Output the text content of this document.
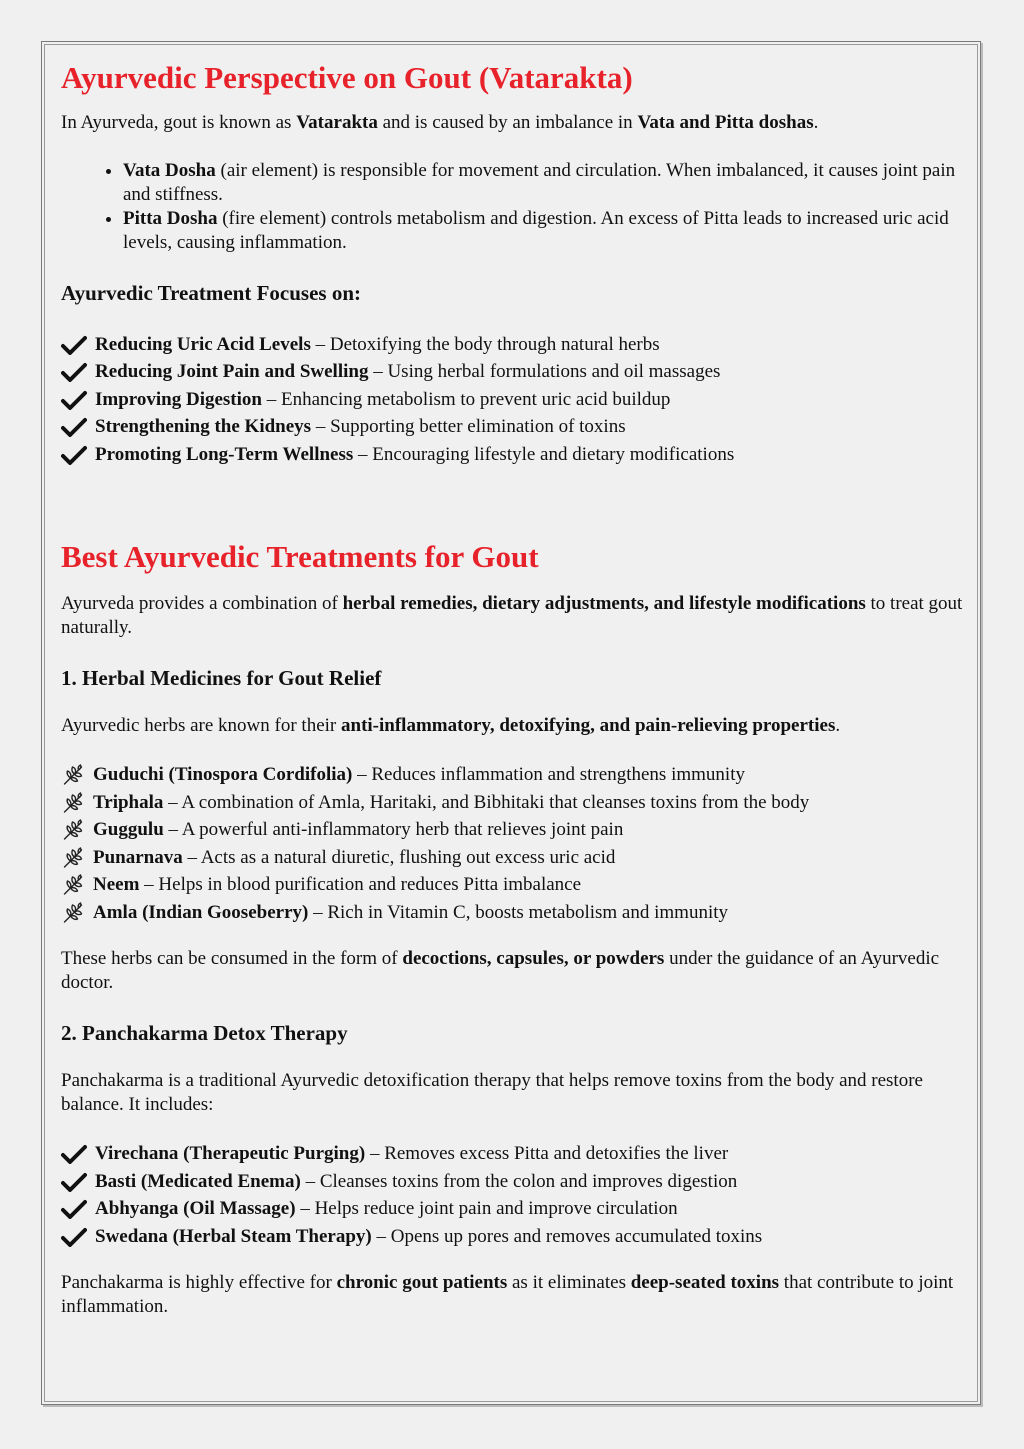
Ayurvedic Perspective on Gout (Vatarakta)

In Ayurveda, gout is known as Vatarakta and is caused by an imbalance in Vata and Pitta doshas.

• Vata Dosha (air element) is responsible for movement and circulation. When imbalanced, it causes joint pain and stiffness.
• Pitta Dosha (fire element) controls metabolism and digestion. An excess of Pitta leads to increased uric acid levels, causing inflammation.
Ayurvedic Treatment Focuses on:
Reducing Uric Acid Levels – Detoxifying the body through natural herbs
Reducing Joint Pain and Swelling – Using herbal formulations and oil massages
Improving Digestion – Enhancing metabolism to prevent uric acid buildup
Strengthening the Kidneys – Supporting better elimination of toxins
Promoting Long-Term Wellness – Encouraging lifestyle and dietary modifications
Best Ayurvedic Treatments for Gout

Ayurveda provides a combination of herbal remedies, dietary adjustments, and lifestyle modifications to treat gout naturally.

1. Herbal Medicines for Gout Relief

Ayurvedic herbs are known for their anti-inflammatory, detoxifying, and pain-relieving properties.

Guduchi (Tinospora Cordifolia) – Reduces inflammation and strengthens immunity
Triphala – A combination of Amla, Haritaki, and Bibhitaki that cleanses toxins from the body
Guggulu – A powerful anti-inflammatory herb that relieves joint pain
Punarnava – Acts as a natural diuretic, flushing out excess uric acid
Neem – Helps in blood purification and reduces Pitta imbalance
Amla (Indian Gooseberry) – Rich in Vitamin C, boosts metabolism and immunity

These herbs can be consumed in the form of decoctions, capsules, or powders under the guidance of an Ayurvedic doctor.

2. Panchakarma Detox Therapy

Panchakarma is a traditional Ayurvedic detoxification therapy that helps remove toxins from the body and restore balance. It includes:

Virechana (Therapeutic Purging) – Removes excess Pitta and detoxifies the liver
Basti (Medicated Enema) – Cleanses toxins from the colon and improves digestion
Abhyanga (Oil Massage) – Helps reduce joint pain and improve circulation
Swedana (Herbal Steam Therapy) – Opens up pores and removes accumulated toxins

Panchakarma is highly effective for chronic gout patients as it eliminates deep-seated toxins that contribute to joint inflammation.
